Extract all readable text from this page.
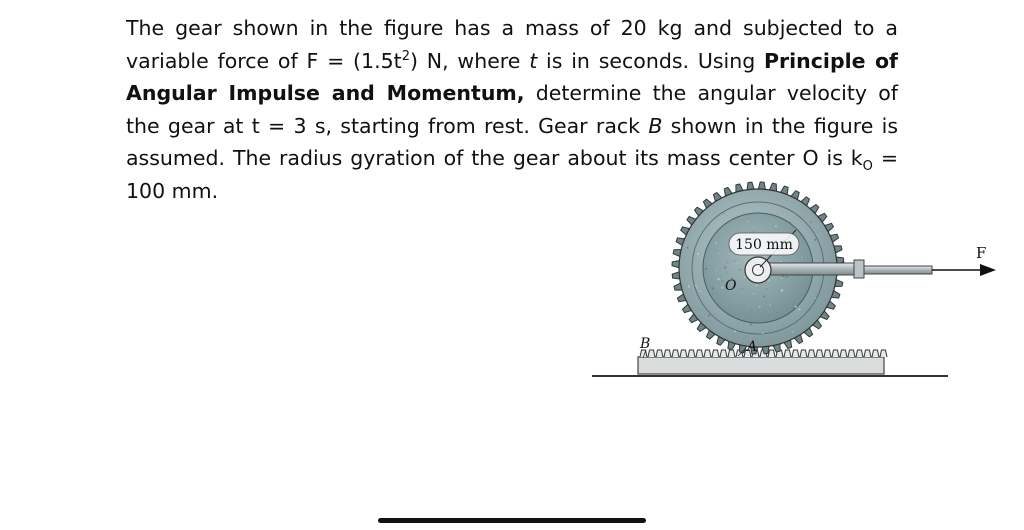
The gear shown in the figure has a mass of 20 kg and subjected to a variable force of $F = (1.5t^2)$ N, where t is in seconds. Using Principle of Angular Impulse and Momentum, determine the angular velocity of the gear at t = 3 s, starting from rest. Gear rack B shown in the figure is assumed. The radius gyration of the gear about its mass center O is $k_O = 100$ mm.

F
150 mm
O
A
B
